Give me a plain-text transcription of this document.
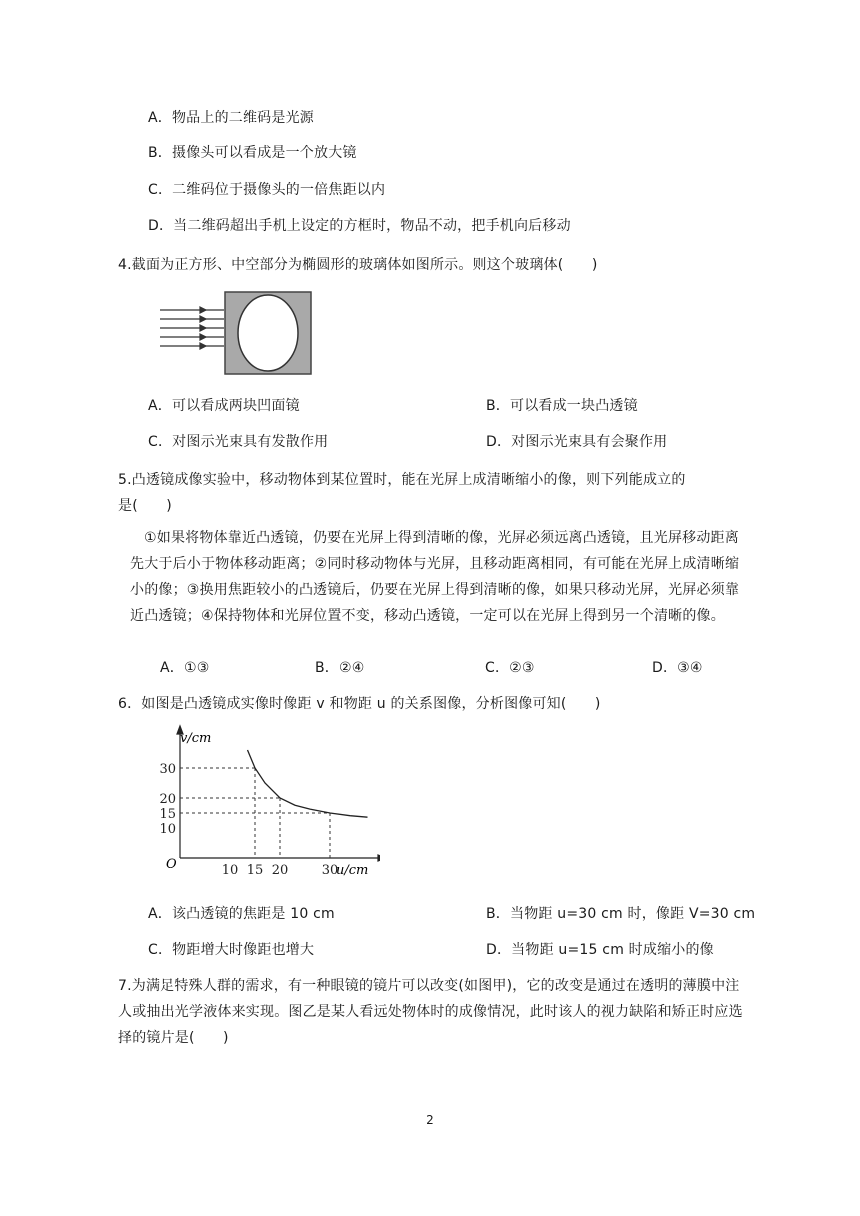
A．物品上的二维码是光源
B．摄像头可以看成是一个放大镜
C．二维码位于摄像头的一倍焦距以内
D．当二维码超出手机上设定的方框时，物品不动，把手机向后移动
4.截面为正方形、中空部分为椭圆形的玻璃体如图所示。则这个玻璃体(　　)
A．可以看成两块凹面镜	B．可以看成一块凸透镜
C．对图示光束具有发散作用	D．对图示光束具有会聚作用
5.凸透镜成像实验中，移动物体到某位置时，能在光屏上成清晰缩小的像，则下列能成立的
是(　　)
①如果将物体靠近凸透镜，仍要在光屏上得到清晰的像，光屏必须远离凸透镜，且光屏移动距离先大于后小于物体移动距离；②同时移动物体与光屏，且移动距离相同，有可能在光屏上成清晰缩小的像；③换用焦距较小的凸透镜后，仍要在光屏上得到清晰的像，如果只移动光屏，光屏必须靠近凸透镜；④保持物体和光屏位置不变，移动凸透镜，一定可以在光屏上得到另一个清晰的像。
A．①③	B．②④	C．②③	D．③④
6．如图是凸透镜成实像时像距 v 和物距 u 的关系图像，分析图像可知(　　)
10 15 20	30
30
20
15
10
v/cm
u/cm
O
A．该凸透镜的焦距是 10 cm	B．当物距 u=30 cm 时，像距 V=30 cm
C．物距增大时像距也增大	D．当物距 u=15 cm 时成缩小的像
7.为满足特殊人群的需求，有一种眼镜的镜片可以改变(如图甲)，它的改变是通过在透明的薄膜中注人或抽出光学液体来实现。图乙是某人看远处物体时的成像情况，此时该人的视力缺陷和矫正时应选择的镜片是(　　)
2
